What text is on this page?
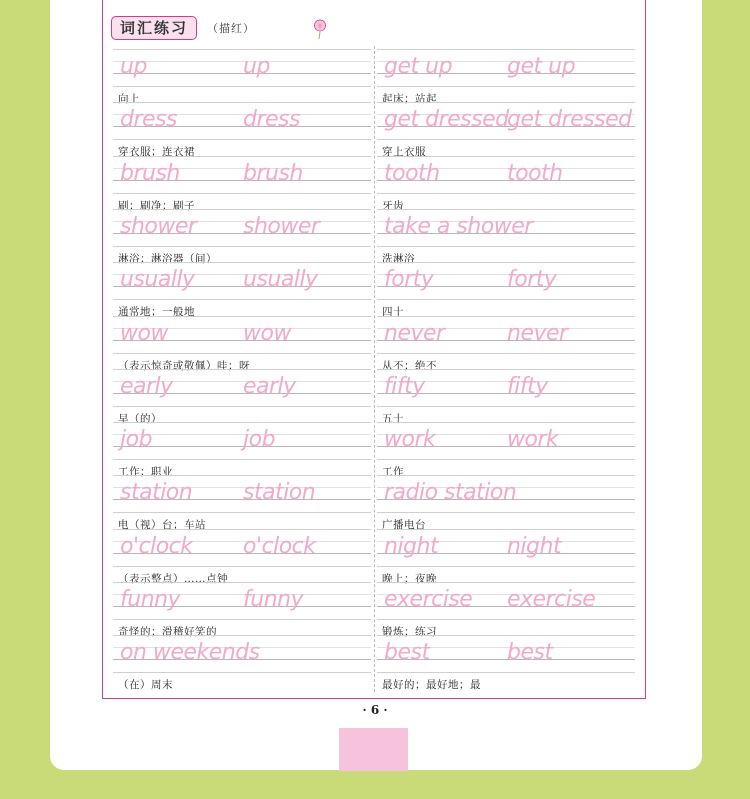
词汇练习	（描红）
up	up
向上
dress	dress
穿衣服；连衣裙
brush	brush
刷；刷净；刷子
shower shower
淋浴；淋浴器（间）
usually usually
通常地；一般地
wow	wow
（表示惊奇或敬佩）哇；呀
early	early
早（的）
job	job
工作；职业
station station
电（视）台；车站
o'clock o'clock
（表示整点）……点钟
funny	funny
奇怪的；滑稽好笑的
on weekends
（在）周末
get up get up
起床；站起
get dressed
get dressed
穿上衣服
tooth	tooth
牙齿
take a shower
洗淋浴
forty	forty
四十
never	never
从不；绝不
fifty	fifty
五十
work	work
工作
radio station
广播电台
night	night
晚上；夜晚
exercise exercise
锻炼；练习
best	best
最好的；最好地；最
· 6 ·
